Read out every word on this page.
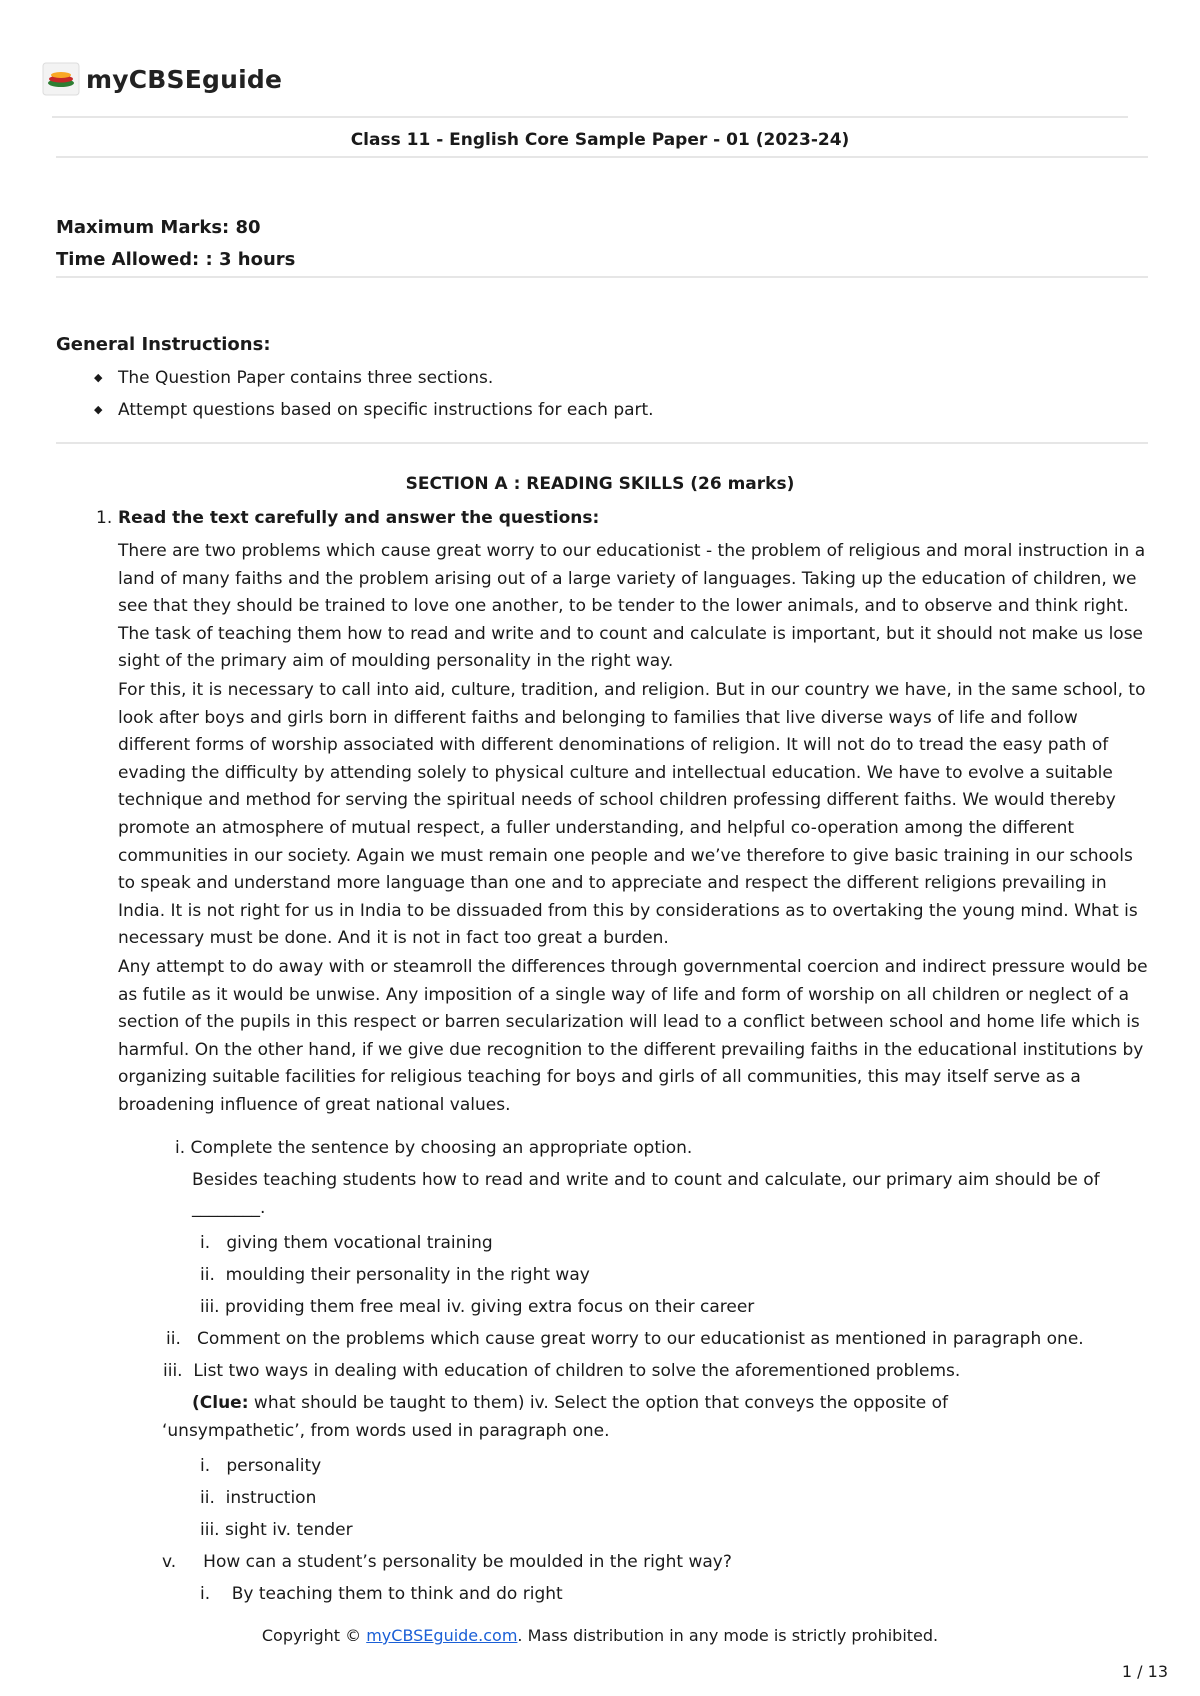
myCBSEguide
Class 11 - English Core Sample Paper - 01 (2023-24)
Maximum Marks: 80
Time Allowed: : 3 hours
General Instructions:
◆ The Question Paper contains three sections.
◆ Attempt questions based on specific instructions for each part.
SECTION A : READING SKILLS (26 marks)
1. Read the text carefully and answer the questions:
There are two problems which cause great worry to our educationist - the problem of religious and moral instruction in a land of many faiths and the problem arising out of a large variety of languages. Taking up the education of children, we see that they should be trained to love one another, to be tender to the lower animals, and to observe and think right. The task of teaching them how to read and write and to count and calculate is important, but it should not make us lose sight of the primary aim of moulding personality in the right way.
For this, it is necessary to call into aid, culture, tradition, and religion. But in our country we have, in the same school, to look after boys and girls born in different faiths and belonging to families that live diverse ways of life and follow different forms of worship associated with different denominations of religion. It will not do to tread the easy path of evading the difficulty by attending solely to physical culture and intellectual education. We have to evolve a suitable technique and method for serving the spiritual needs of school children professing different faiths. We would thereby promote an atmosphere of mutual respect, a fuller understanding, and helpful co-operation among the different communities in our society. Again we must remain one people and we’ve therefore to give basic training in our schools to speak and understand more language than one and to appreciate and respect the different religions prevailing in India. It is not right for us in India to be dissuaded from this by considerations as to overtaking the young mind. What is necessary must be done. And it is not in fact too great a burden.
Any attempt to do away with or steamroll the differences through governmental coercion and indirect pressure would be as futile as it would be unwise. Any imposition of a single way of life and form of worship on all children or neglect of a section of the pupils in this respect or barren secularization will lead to a conflict between school and home life which is harmful. On the other hand, if we give due recognition to the different prevailing faiths in the educational institutions by organizing suitable facilities for religious teaching for boys and girls of all communities, this may itself serve as a broadening influence of great national values.
i. Complete the sentence by choosing an appropriate option.
Besides teaching students how to read and write and to count and calculate, our primary aim should be of
________.
i.   giving them vocational training
ii.  moulding their personality in the right way
iii. providing them free meal iv. giving extra focus on their career
ii.   Comment on the problems which cause great worry to our educationist as mentioned in paragraph one.
iii.  List two ways in dealing with education of children to solve the aforementioned problems.
(Clue: what should be taught to them) iv. Select the option that conveys the opposite of
‘unsympathetic’, from words used in paragraph one.
i.   personality
ii.  instruction
iii. sight iv. tender
v.     How can a student’s personality be moulded in the right way?
i.    By teaching them to think and do right
Copyright © myCBSEguide.com. Mass distribution in any mode is strictly prohibited.
1 / 13
